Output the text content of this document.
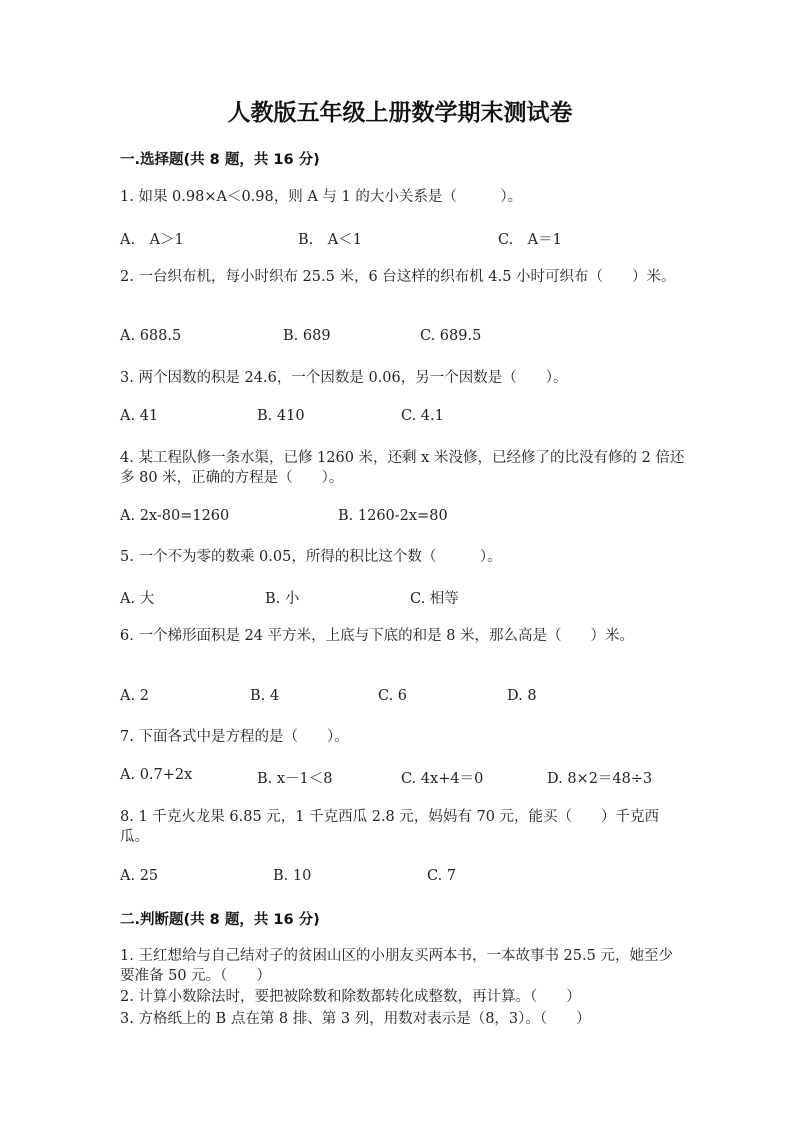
人教版五年级上册数学期末测试卷
一.选择题(共 8 题，共 16 分)
1. 如果 0.98×A＜0.98，则 A 与 1 的大小关系是（　　　）。
A.　A＞1	B.　A＜1	C.　A＝1
2. 一台织布机，每小时织布 25.5 米，6 台这样的织布机 4.5 小时可织布（　　）米。
A. 688.5	B. 689	C. 689.5
3. 两个因数的积是 24.6，一个因数是 0.06，另一个因数是（　　）。
A. 41	B. 410	C. 4.1
4. 某工程队修一条水渠，已修 1260 米，还剩 x 米没修，已经修了的比没有修的 2 倍还多 80 米，正确的方程是（　　）。
A. 2x-80=1260	B. 1260-2x=80
5. 一个不为零的数乘 0.05，所得的积比这个数（　　　）。
A. 大	B. 小	C. 相等
6. 一个梯形面积是 24 平方米，上底与下底的和是 8 米，那么高是（　　）米。
A. 2	B. 4	C. 6	D. 8
7. 下面各式中是方程的是（　　）。
A. 0.7+2x	B. x－1＜8	C. 4x+4＝0	D. 8×2＝48÷3
8. 1 千克火龙果 6.85 元，1 千克西瓜 2.8 元，妈妈有 70 元，能买（　　）千克西瓜。
A. 25	B. 10	C. 7
二.判断题(共 8 题，共 16 分)
1. 王红想给与自己结对子的贫困山区的小朋友买两本书，一本故事书 25.5 元，她至少要准备 50 元。（　　）
2. 计算小数除法时，要把被除数和除数都转化成整数，再计算。（　　）
3. 方格纸上的 B 点在第 8 排、第 3 列，用数对表示是（8，3）。（　　）
